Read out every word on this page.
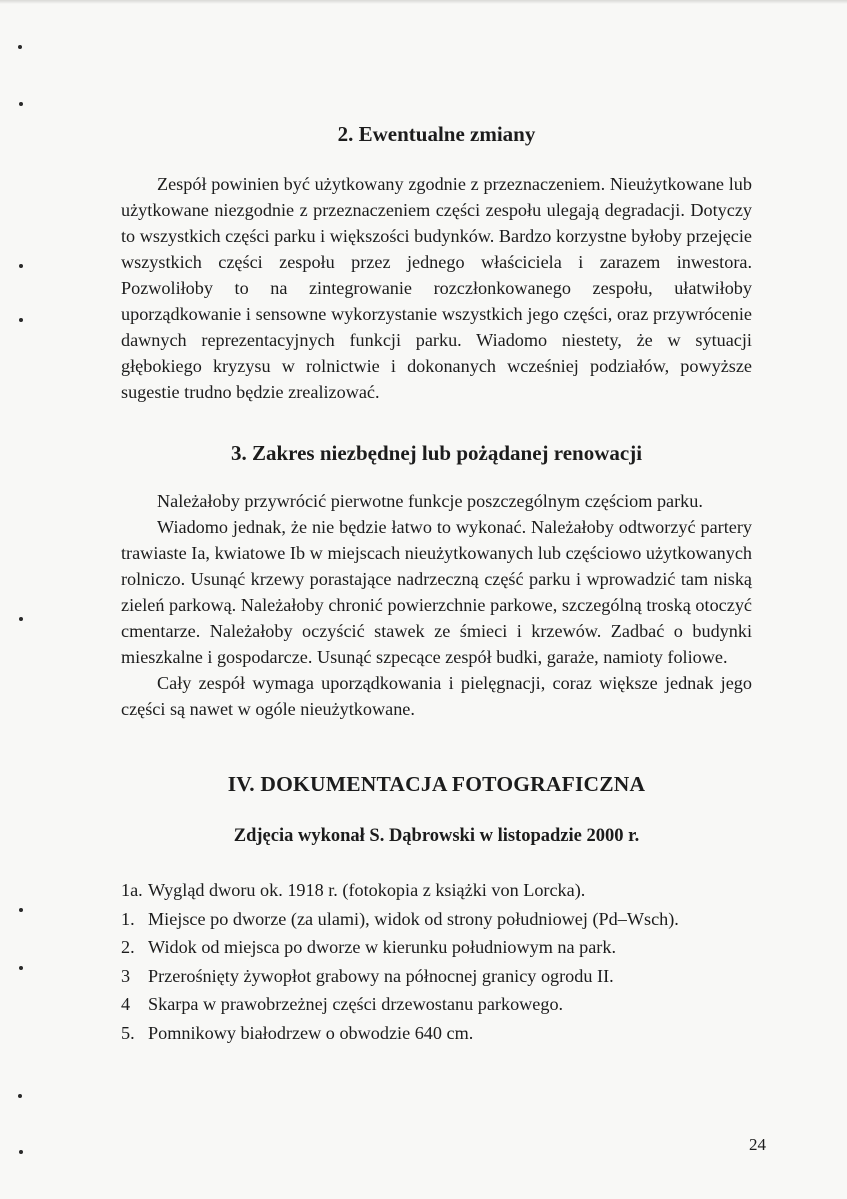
2. Ewentualne zmiany

Zespół powinien być użytkowany zgodnie z przeznaczeniem. Nieużytkowane lub użytkowane niezgodnie z przeznaczeniem części zespołu ulegają degradacji. Dotyczy to wszystkich części parku i większości budynków. Bardzo korzystne byłoby przejęcie wszystkich części zespołu przez jednego właściciela i zarazem inwestora. Pozwoliłoby to na zintegrowanie rozczłonkowanego zespołu, ułatwiłoby uporządkowanie i sensowne wykorzystanie wszystkich jego części, oraz przywrócenie dawnych reprezentacyjnych funkcji parku. Wiadomo niestety, że w sytuacji głębokiego kryzysu w rolnictwie i dokonanych wcześniej podziałów, powyższe sugestie trudno będzie zrealizować.

3. Zakres niezbędnej lub pożądanej renowacji

Należałoby przywrócić pierwotne funkcje poszczególnym częściom parku.

Wiadomo jednak, że nie będzie łatwo to wykonać. Należałoby odtworzyć partery trawiaste Ia, kwiatowe Ib w miejscach nieużytkowanych lub częściowo użytkowanych rolniczo. Usunąć krzewy porastające nadrzeczną część parku i wprowadzić tam niską zieleń parkową. Należałoby chronić powierzchnie parkowe, szczególną troską otoczyć cmentarze. Należałoby oczyścić stawek ze śmieci i krzewów. Zadbać o budynki mieszkalne i gospodarcze. Usunąć szpecące zespół budki, garaże, namioty foliowe.

Cały zespół wymaga uporządkowania i pielęgnacji, coraz większe jednak jego części są nawet w ogóle nieużytkowane.

IV. DOKUMENTACJA FOTOGRAFICZNA
Zdjęcia wykonał S. Dąbrowski w listopadzie 2000 r.
1a. Wygląd dworu ok. 1918 r. (fotokopia z książki von Lorcka).
1. Miejsce po dworze (za ulami), widok od strony południowej (Pd–Wsch).
2. Widok od miejsca po dworze w kierunku południowym na park.
3 Przerośnięty żywopłot grabowy na północnej granicy ogrodu II.
4 Skarpa w prawobrzeżnej części drzewostanu parkowego.
5. Pomnikowy białodrzew o obwodzie 640 cm.
24
